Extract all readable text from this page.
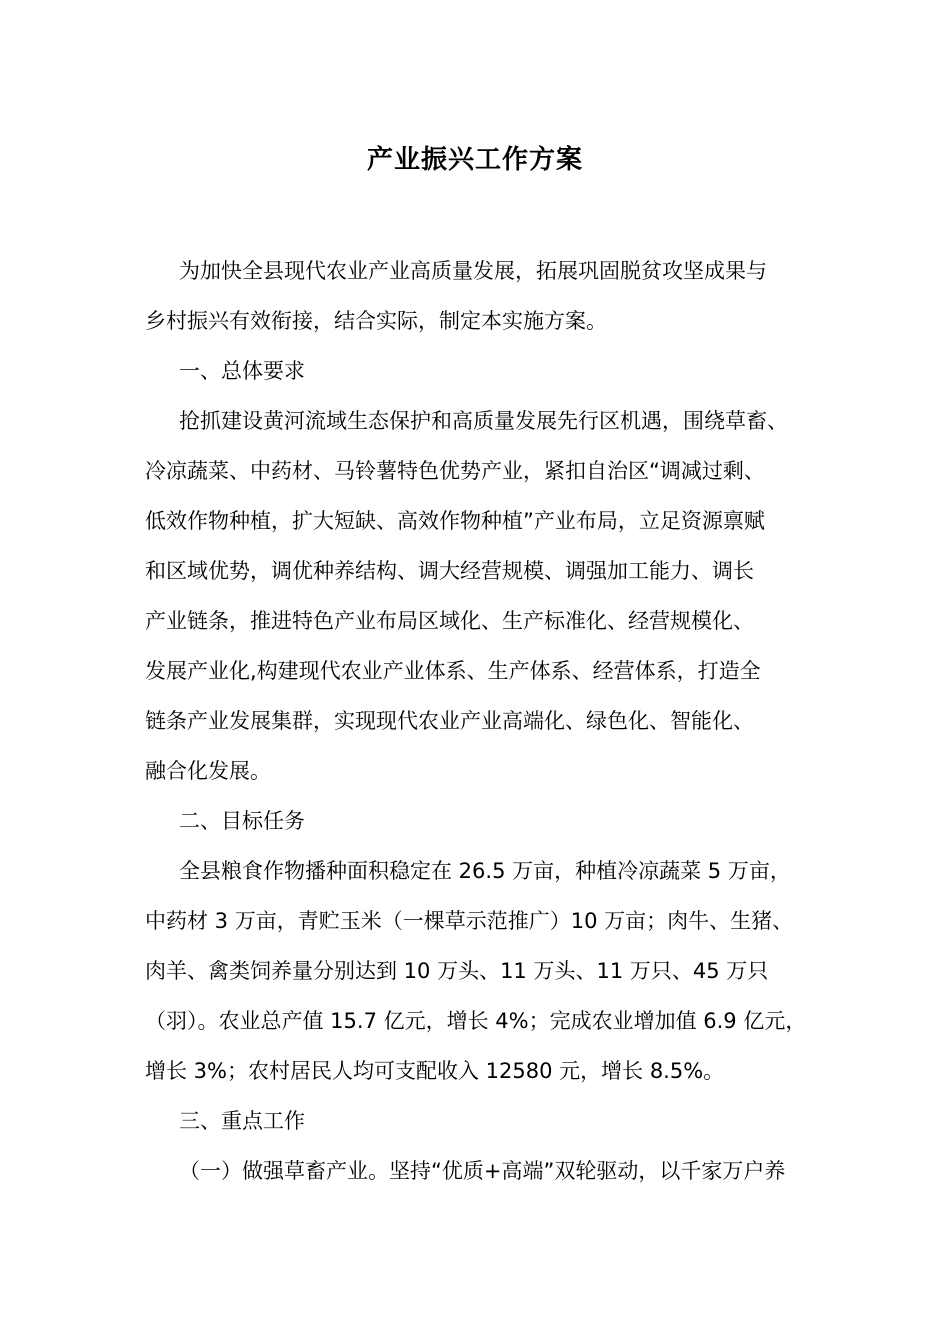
产业振兴工作方案
为加快全县现代农业产业高质量发展，拓展巩固脱贫攻坚成果与
乡村振兴有效衔接，结合实际，制定本实施方案。
一、总体要求
抢抓建设黄河流域生态保护和高质量发展先行区机遇，围绕草畜、
冷凉蔬菜、中药材、马铃薯特色优势产业，紧扣自治区“调减过剩、
低效作物种植，扩大短缺、高效作物种植”产业布局，立足资源禀赋
和区域优势，调优种养结构、调大经营规模、调强加工能力、调长
产业链条，推进特色产业布局区域化、生产标准化、经营规模化、
发展产业化,构建现代农业产业体系、生产体系、经营体系，打造全
链条产业发展集群，实现现代农业产业高端化、绿色化、智能化、
融合化发展。
二、目标任务
全县粮食作物播种面积稳定在 26.5 万亩，种植冷凉蔬菜 5 万亩，
中药材 3 万亩，青贮玉米（一棵草示范推广）10 万亩；肉牛、生猪、
肉羊、禽类饲养量分别达到 10 万头、11 万头、11 万只、45 万只
（羽）。农业总产值 15.7 亿元，增长 4%；完成农业增加值 6.9 亿元，
增长 3%；农村居民人均可支配收入 12580 元，增长 8.5%。
三、重点工作
（一）做强草畜产业。坚持“优质+高端”双轮驱动，以千家万户养
